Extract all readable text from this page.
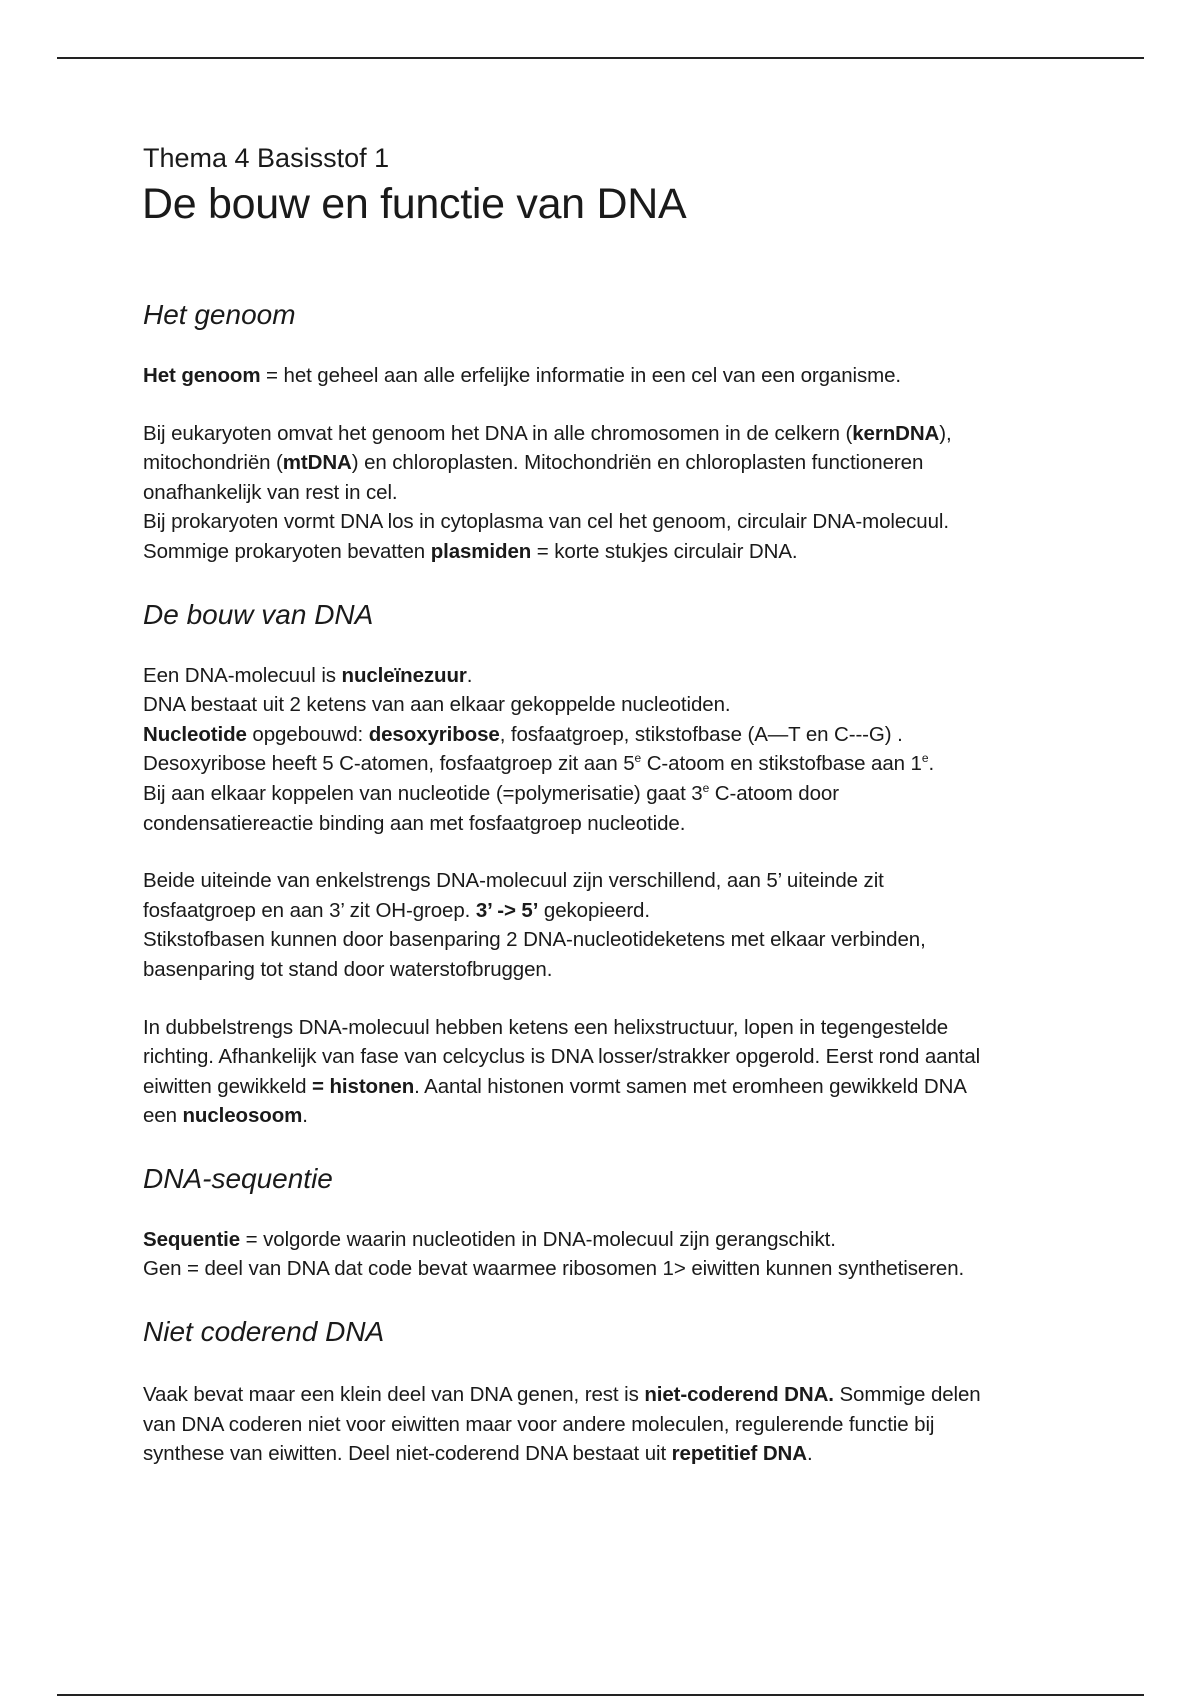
Thema 4 Basisstof 1

De bouw en functie van DNA
Het genoom

Het genoom = het geheel aan alle erfelijke informatie in een cel van een organisme.

Bij eukaryoten omvat het genoom het DNA in alle chromosomen in de celkern (kernDNA),
mitochondriën (mtDNA) en chloroplasten. Mitochondriën en chloroplasten functioneren
onafhankelijk van rest in cel.
Bij prokaryoten vormt DNA los in cytoplasma van cel het genoom, circulair DNA-molecuul.
Sommige prokaryoten bevatten plasmiden = korte stukjes circulair DNA.

De bouw van DNA

Een DNA-molecuul is nucleïnezuur.
DNA bestaat uit 2 ketens van aan elkaar gekoppelde nucleotiden.
Nucleotide opgebouwd: desoxyribose, fosfaatgroep, stikstofbase (A—T en C---G) .
Desoxyribose heeft 5 C-atomen, fosfaatgroep zit aan 5e C-atoom en stikstofbase aan 1e.
Bij aan elkaar koppelen van nucleotide (=polymerisatie) gaat 3e C-atoom door
condensatiereactie binding aan met fosfaatgroep nucleotide.

Beide uiteinde van enkelstrengs DNA-molecuul zijn verschillend, aan 5’ uiteinde zit
fosfaatgroep en aan 3’ zit OH-groep. 3’ -> 5’ gekopieerd.
Stikstofbasen kunnen door basenparing 2 DNA-nucleotideketens met elkaar verbinden,
basenparing tot stand door waterstofbruggen.

In dubbelstrengs DNA-molecuul hebben ketens een helixstructuur, lopen in tegengestelde
richting. Afhankelijk van fase van celcyclus is DNA losser/strakker opgerold. Eerst rond aantal
eiwitten gewikkeld = histonen. Aantal histonen vormt samen met eromheen gewikkeld DNA
een nucleosoom.

DNA-sequentie

Sequentie = volgorde waarin nucleotiden in DNA-molecuul zijn gerangschikt.
Gen = deel van DNA dat code bevat waarmee ribosomen 1> eiwitten kunnen synthetiseren.

Niet coderend DNA

Vaak bevat maar een klein deel van DNA genen, rest is niet-coderend DNA. Sommige delen
van DNA coderen niet voor eiwitten maar voor andere moleculen, regulerende functie bij
synthese van eiwitten. Deel niet-coderend DNA bestaat uit repetitief DNA.
